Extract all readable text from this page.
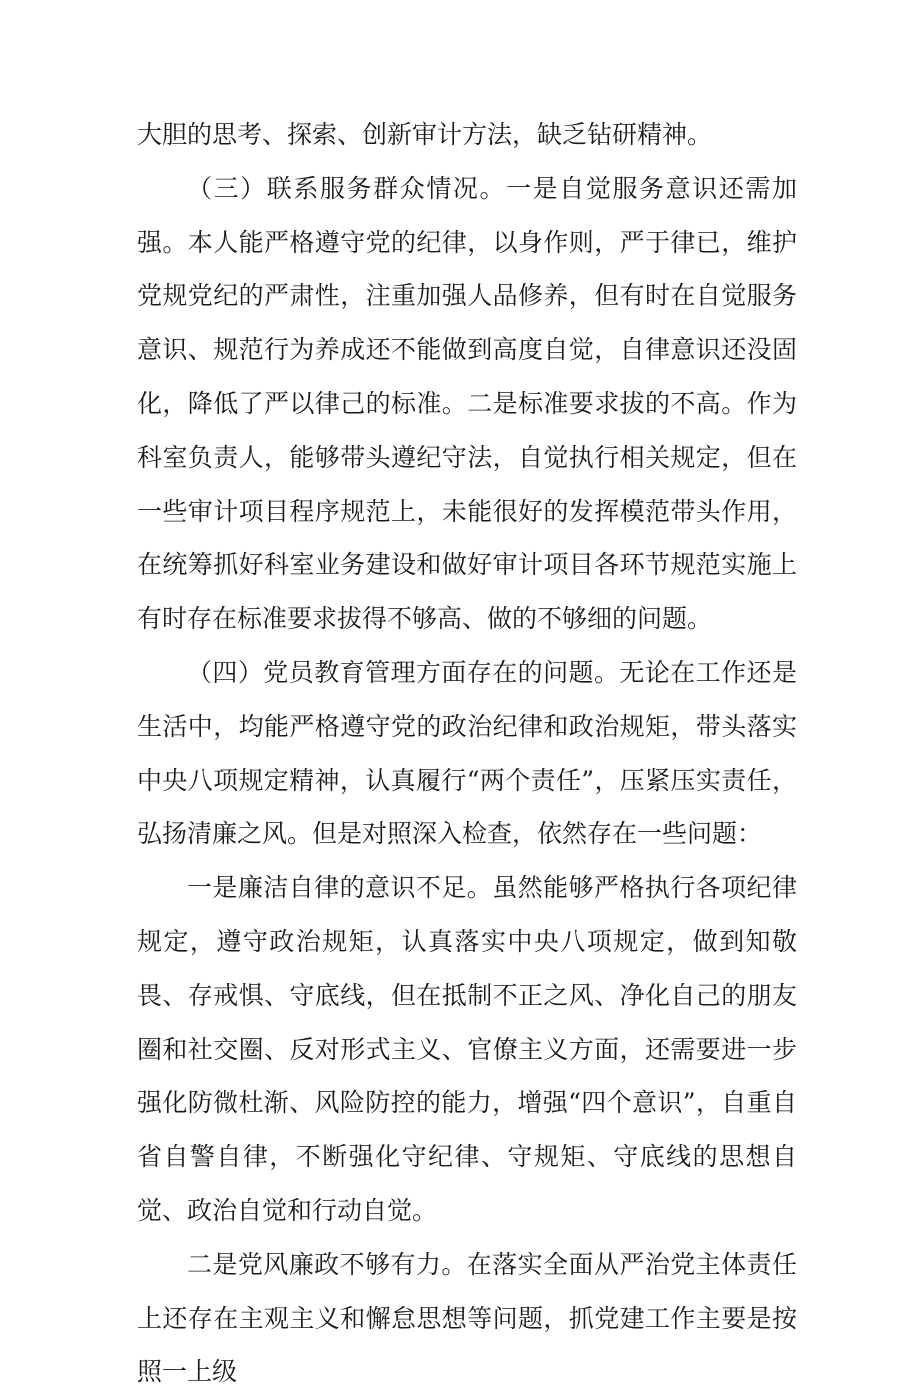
大胆的思考、探索、创新审计方法，缺乏钻研精神。

（三）联系服务群众情况。一是自觉服务意识还需加强。本人能严格遵守党的纪律，以身作则，严于律已，维护党规党纪的严肃性，注重加强人品修养，但有时在自觉服务意识、规范行为养成还不能做到高度自觉，自律意识还没固化，降低了严以律己的标准。二是标准要求拔的不高。作为科室负责人，能够带头遵纪守法，自觉执行相关规定，但在一些审计项目程序规范上，未能很好的发挥模范带头作用，在统筹抓好科室业务建设和做好审计项目各环节规范实施上有时存在标准要求拔得不够高、做的不够细的问题。

（四）党员教育管理方面存在的问题。无论在工作还是生活中，均能严格遵守党的政治纪律和政治规矩，带头落实中央八项规定精神，认真履行“两个责任”，压紧压实责任，弘扬清廉之风。但是对照深入检查，依然存在一些问题：

一是廉洁自律的意识不足。虽然能够严格执行各项纪律规定，遵守政治规矩，认真落实中央八项规定，做到知敬畏、存戒惧、守底线，但在抵制不正之风、净化自己的朋友圈和社交圈、反对形式主义、官僚主义方面，还需要进一步强化防微杜渐、风险防控的能力，增强“四个意识”，自重自省自警自律，不断强化守纪律、守规矩、守底线的思想自觉、政治自觉和行动自觉。

二是党风廉政不够有力。在落实全面从严治党主体责任上还存在主观主义和懈怠思想等问题，抓党建工作主要是按照一上级
